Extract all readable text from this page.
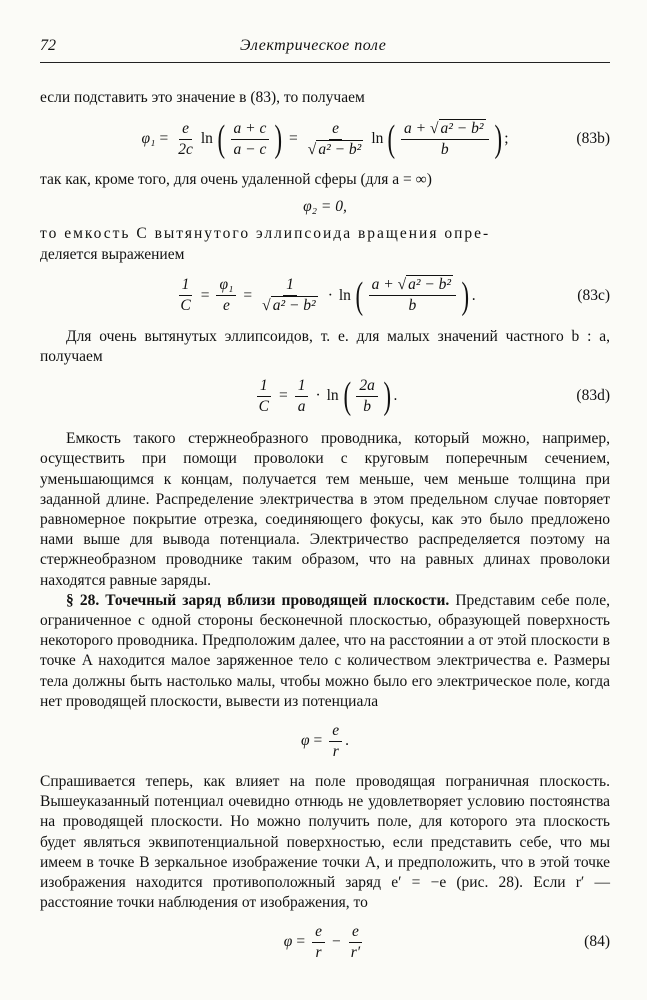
72	Электрическое поле

если подставить это значение в (83), то получаем

$\varphi_1 = \frac{e}{2c}$ ln ( $\frac{a + c}{a - c}$ ) = $\frac{e}{\text{√ a² − b²}}$ ln ( $\frac{\text{a + √ a² − b²}}{b}$ ) ;	(83b)

так как, кроме того, для очень удаленной сферы (для a = ∞)

φ₂ = 0,

то емкость C вытянутого эллипсоида вращения опре-

деляется выражением

$\frac{1}{C} = \frac{\text{φ₁}}{e} = \frac{1}{\text{√ a² − b²}} \cdot \ln$ ( $\frac{\text{a + √ a² − b²}}{b}$ ) .	(83c)

Для очень вытянутых эллипсоидов, т. е. для малых значений частного b : a, получаем

$\frac{1}{C} = \frac{1}{a} \cdot \ln$ ( $\frac{2a}{b}$ ) .	(83d)

Емкость такого стержнеобразного проводника, который можно, например, осуществить при помощи проволоки с круговым поперечным сечением, уменьшающимся к концам, получается тем меньше, чем меньше толщина при заданной длине. Распределение электричества в этом предельном случае повторяет равномерное покрытие отрезка, соединяющего фокусы, как это было предложено нами выше для вывода потенциала. Электричество распределяется поэтому на стержнеобразном проводнике таким образом, что на равных длинах проволоки находятся равные заряды.

§ 28. Точечный заряд вблизи проводящей плоскости. Представим себе поле, ограниченное с одной стороны бесконечной плоскостью, образующей поверхность некоторого проводника. Предположим далее, что на расстоянии a от этой плоскости в точке A находится малое заряженное тело с количеством электричества e. Размеры тела должны быть настолько малы, чтобы можно было его электрическое поле, когда нет проводящей плоскости, вывести из потенциала

$\varphi = \frac{e}{r}$ .

Спрашивается теперь, как влияет на поле проводящая пограничная плоскость. Вышеуказанный потенциал очевидно отнюдь не удовлетворяет условию постоянства на проводящей плоскости. Но можно получить поле, для которого эта плоскость будет являться эквипотенциальной поверхностью, если представить себе, что мы имеем в точке B зеркальное изображение точки A, и предположить, что в этой точке изображения находится противоположный заряд e′ = −e (рис. 28). Если r′ — расстояние точки наблюдения от изображения, то

$\varphi = \frac{e}{r} - \frac{e}{r'}$	(84)
